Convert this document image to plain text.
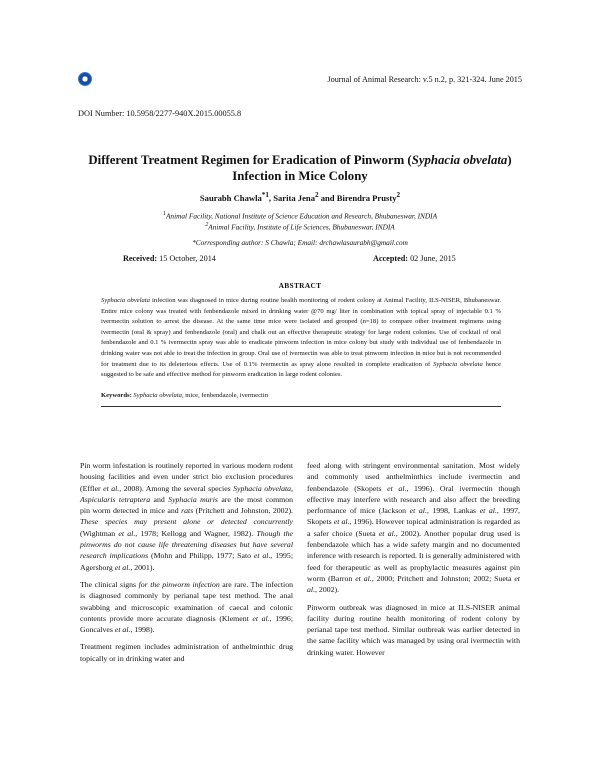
Journal of Animal Research: v.5 n.2, p. 321-324. June 2015
DOI Number: 10.5958/2277-940X.2015.00055.8
Different Treatment Regimen for Eradication of Pinworm (Syphacia obvelata)
Infection in Mice Colony
Saurabh Chawla$^{*1}$, Sarita Jena$^2$ and Birendra Prusty$^2$
$^1$Animal Facility, National Institute of Science Education and Research, Bhubaneswar, INDIA
$^2$Animal Facility, Institute of Life Sciences, Bhubaneswar, INDIA
*Corresponding author: S Chawla; Email: drchawlasaurabh@gmail.com
Received: 15 October, 2014	Accepted: 02 June, 2015
ABSTRACT
Syphacia obvelata infection was diagnosed in mice during routine health monitoring of rodent colony at Animal Facility, ILS-NISER, Bhubaneswar. Entire mice colony was treated with fenbendazole mixed in drinking water @70 mg/ liter in combination with topical spray of injectable 0.1 % ivermectin solution to arrest the disease. At the same time mice were isolated and grouped (n=18) to compare other treatment regimens using ivermectin (oral & spray) and fenbendazole (oral) and chalk out an effective therapeutic strategy for large rodent colonies. Use of cocktail of oral fenbendazole and 0.1 % ivermectin spray was able to eradicate pinworm infection in mice colony but study with individual use of fenbendazole in drinking water was not able to treat the infection in group. Oral use of ivermectin was able to treat pinworm infection in mice but is not recommended for treatment due to its deleterious effects. Use of 0.1% ivermectin as spray alone resulted in complete eradication of Syphacia obvelata hence suggested to be safe and effective method for pinworm eradication in large rodent colonies.
Keywords: Syphacia obvelata, mice, fenbendazole, ivermectin

Pin worm infestation is routinely reported in various modern rodent housing facilities and even under strict bio exclusion procedures (Effler et al., 2008). Among the several species Syphacia obvelata, Aspicularis tetraptera and Syphacia muris are the most common pin worm detected in mice and rats (Pritchett and Johnston, 2002). These species may present alone or detected concurrently (Wightman et al., 1978; Kellogg and Wagner, 1982). Though the pinworms do not cause life threatening diseases but have several research implications (Mohn and Philipp, 1977; Sato et al., 1995; Agersborg et al., 2001).

The clinical signs for the pinworm infection are rare. The infection is diagnosed commonly by perianal tape test method. The anal swabbing and microscopic examination of caecal and colonic contents provide more accurate diagnosis (Klement et al., 1996; Goncalves et al., 1998).

Treatment regimen includes administration of anthelminthic drug topically or in drinking water and

feed along with stringent environmental sanitation. Most widely and commonly used anthelminthics include ivermectin and fenbendazole (Skopets et al., 1996). Oral ivermectin though effective may interfere with research and also affect the breeding performance of mice (Jackson et al., 1998, Lankas et al., 1997, Skopets et al., 1996). However topical administration is regarded as a safer choice (Sueta et al., 2002). Another popular drug used is fenbendazole which has a wide safety margin and no documented inference with research is reported. It is generally administered with feed for therapeutic as well as prophylactic measures against pin worm (Barron et al., 2000; Pritchett and Johnston; 2002; Sueta et al., 2002).

Pinworm outbreak was diagnosed in mice at ILS-NISER animal facility during routine health monitoring of rodent colony by perianal tape test method. Similar outbreak was earlier detected in the same facility which was managed by using oral ivermectin with drinking water. However
